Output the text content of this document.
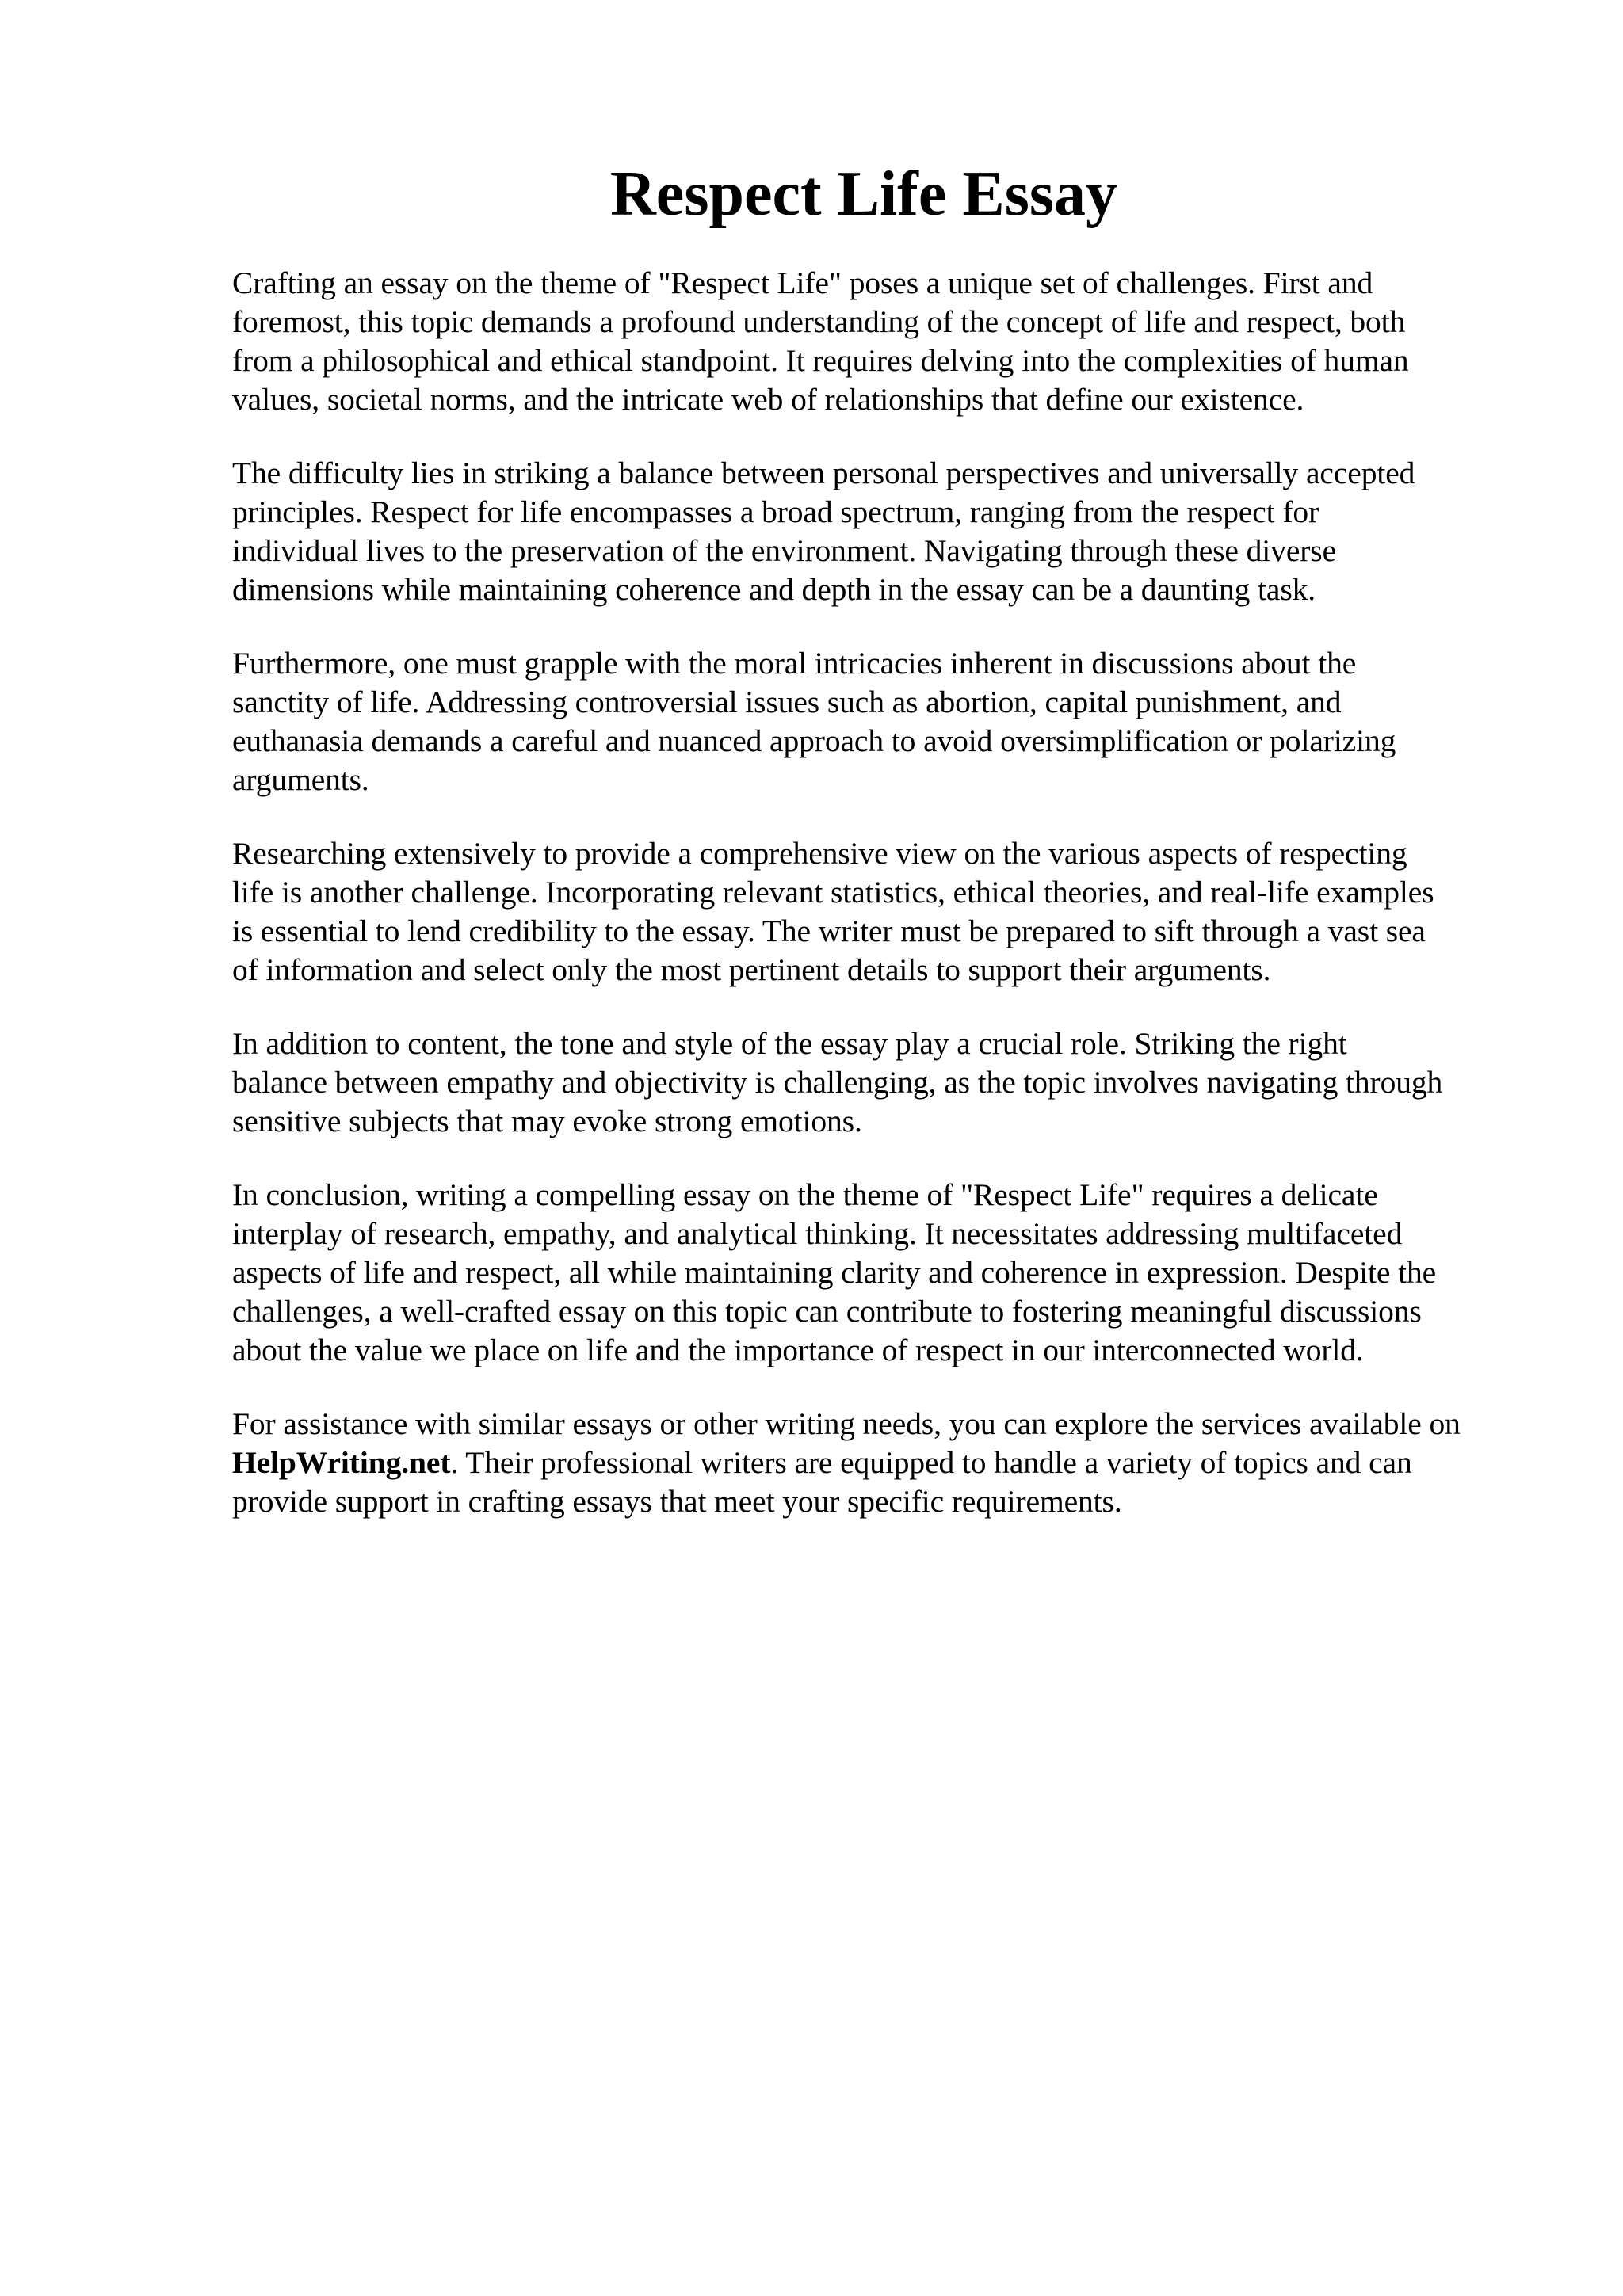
Respect Life Essay

Crafting an essay on the theme of "Respect Life" poses a unique set of challenges. First and
foremost, this topic demands a profound understanding of the concept of life and respect, both
from a philosophical and ethical standpoint. It requires delving into the complexities of human
values, societal norms, and the intricate web of relationships that define our existence.

The difficulty lies in striking a balance between personal perspectives and universally accepted
principles. Respect for life encompasses a broad spectrum, ranging from the respect for
individual lives to the preservation of the environment. Navigating through these diverse
dimensions while maintaining coherence and depth in the essay can be a daunting task.

Furthermore, one must grapple with the moral intricacies inherent in discussions about the
sanctity of life. Addressing controversial issues such as abortion, capital punishment, and
euthanasia demands a careful and nuanced approach to avoid oversimplification or polarizing
arguments.

Researching extensively to provide a comprehensive view on the various aspects of respecting
life is another challenge. Incorporating relevant statistics, ethical theories, and real-life examples
is essential to lend credibility to the essay. The writer must be prepared to sift through a vast sea
of information and select only the most pertinent details to support their arguments.

In addition to content, the tone and style of the essay play a crucial role. Striking the right
balance between empathy and objectivity is challenging, as the topic involves navigating through
sensitive subjects that may evoke strong emotions.

In conclusion, writing a compelling essay on the theme of "Respect Life" requires a delicate
interplay of research, empathy, and analytical thinking. It necessitates addressing multifaceted
aspects of life and respect, all while maintaining clarity and coherence in expression. Despite the
challenges, a well-crafted essay on this topic can contribute to fostering meaningful discussions
about the value we place on life and the importance of respect in our interconnected world.

For assistance with similar essays or other writing needs, you can explore the services available on
HelpWriting.net. Their professional writers are equipped to handle a variety of topics and can
provide support in crafting essays that meet your specific requirements.
